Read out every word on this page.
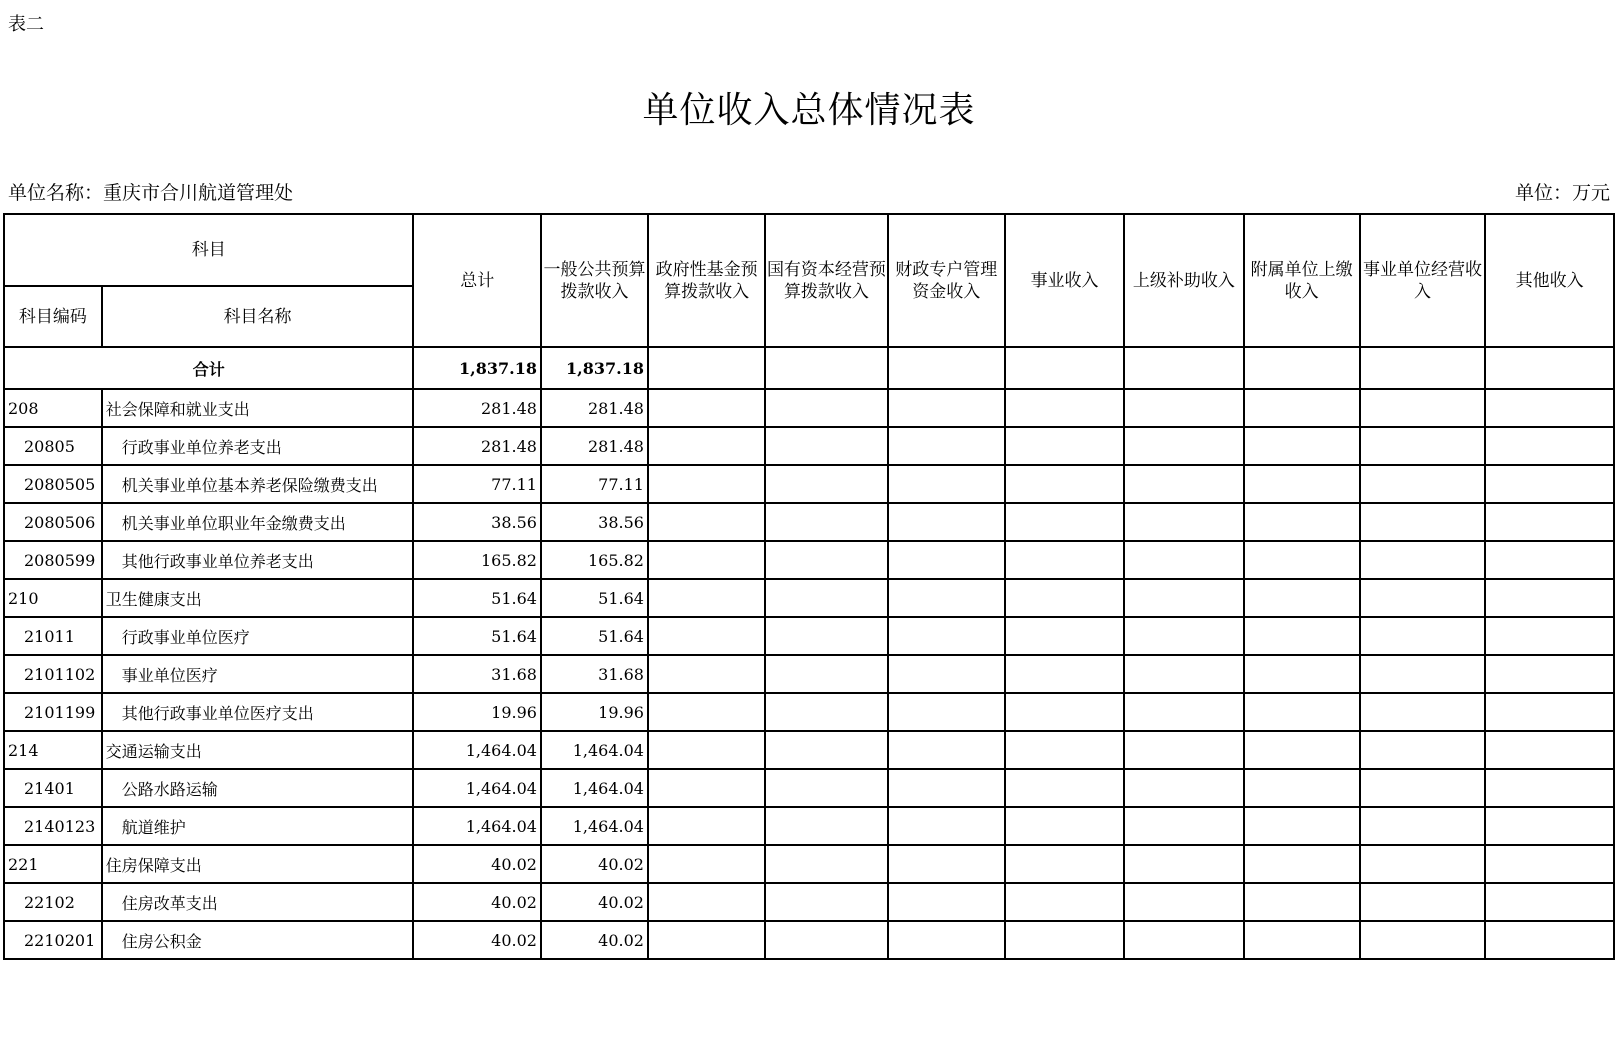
表二
单位收入总体情况表
单位名称：重庆市合川航道管理处	单位：万元
科目		总计	一般公共预算拨款收入	政府性基金预算拨款收入	国有资本经营预算拨款收入	财政专户管理资金收入	事业收入	上级补助收入	附属单位上缴收入	事业单位经营收入	其他收入
科目编码	科目名称										
合计		1,837.18	1,837.18								
208	社会保障和就业支出	281.48	281.48								
20805	行政事业单位养老支出	281.48	281.48								
2080505	机关事业单位基本养老保险缴费支出	77.11	77.11								
2080506	机关事业单位职业年金缴费支出	38.56	38.56								
2080599	其他行政事业单位养老支出	165.82	165.82								
210	卫生健康支出	51.64	51.64								
21011	行政事业单位医疗	51.64	51.64								
2101102	事业单位医疗	31.68	31.68								
2101199	其他行政事业单位医疗支出	19.96	19.96								
214	交通运输支出	1,464.04	1,464.04								
21401	公路水路运输	1,464.04	1,464.04								
2140123	航道维护	1,464.04	1,464.04								
221	住房保障支出	40.02	40.02								
22102	住房改革支出	40.02	40.02								
2210201	住房公积金	40.02	40.02								
